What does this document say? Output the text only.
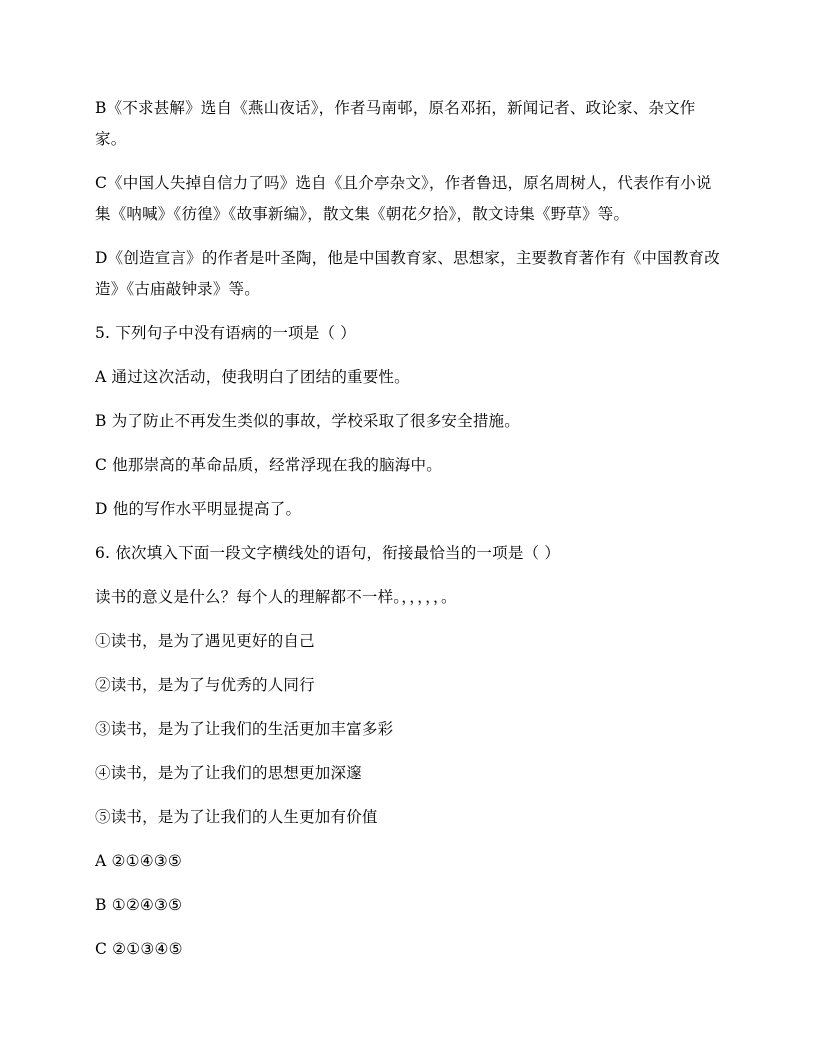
B《不求甚解》选自《燕山夜话》，作者马南邨，原名邓拓，新闻记者、政论家、杂文作家。

C《中国人失掉自信力了吗》选自《且介亭杂文》，作者鲁迅，原名周树人，代表作有小说集《呐喊》《彷徨》《故事新编》，散文集《朝花夕拾》，散文诗集《野草》等。

D《创造宣言》的作者是叶圣陶，他是中国教育家、思想家，主要教育著作有《中国教育改造》《古庙敲钟录》等。

5. 下列句子中没有语病的一项是（ ）

A 通过这次活动，使我明白了团结的重要性。

B 为了防止不再发生类似的事故，学校采取了很多安全措施。

C 他那崇高的革命品质，经常浮现在我的脑海中。

D 他的写作水平明显提高了。

6. 依次填入下面一段文字横线处的语句，衔接最恰当的一项是（ ）

读书的意义是什么？每个人的理解都不一样。，，，，，。

①读书，是为了遇见更好的自己

②读书，是为了与优秀的人同行

③读书，是为了让我们的生活更加丰富多彩

④读书，是为了让我们的思想更加深邃

⑤读书，是为了让我们的人生更加有价值

A ②①④③⑤

B ①②④③⑤

C ②①③④⑤
